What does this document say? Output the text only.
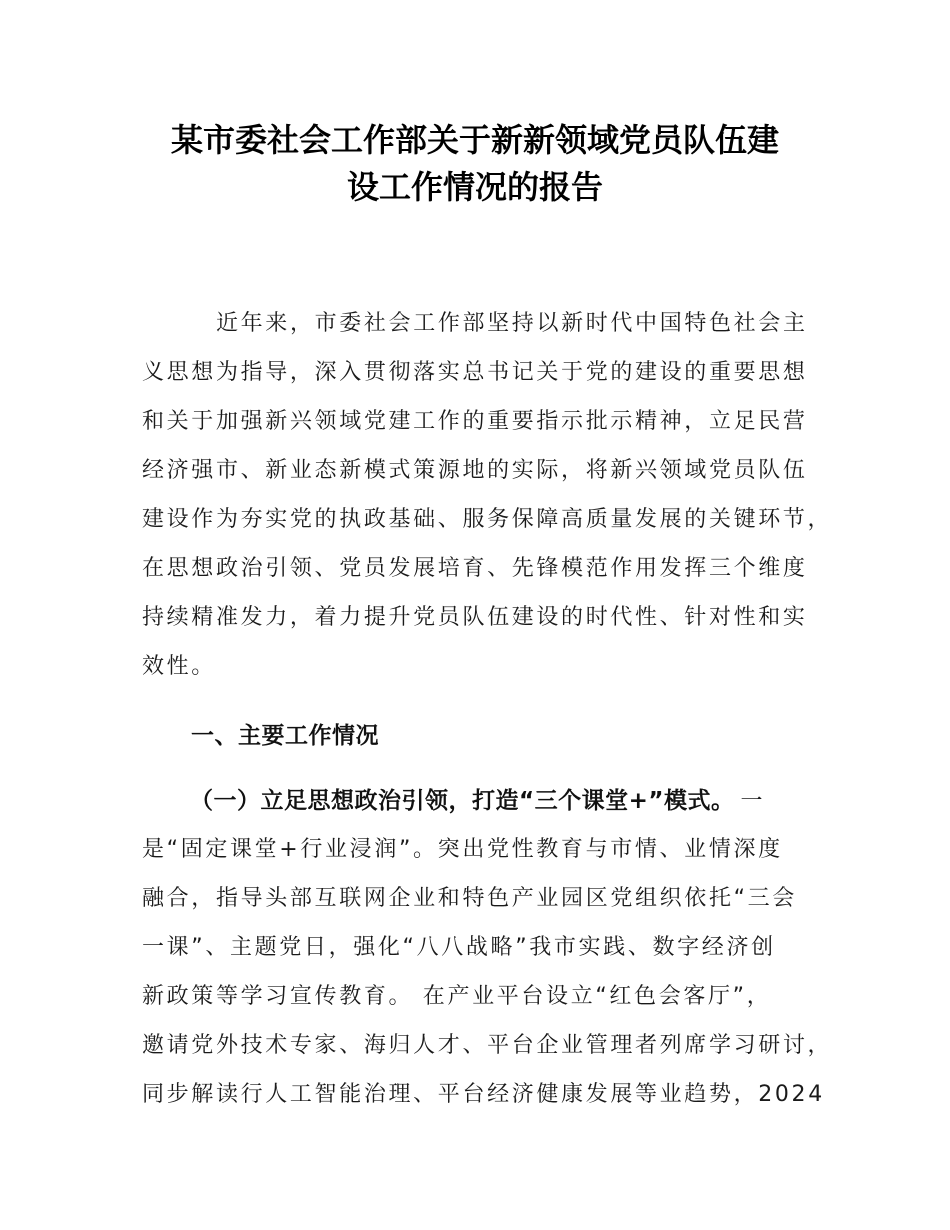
某市委社会工作部关于新新领域党员队伍建
设工作情况的报告
近年来，市委社会工作部坚持以新时代中国特色社会主
义思想为指导，深入贯彻落实总书记关于党的建设的重要思想
和关于加强新兴领域党建工作的重要指示批示精神，立足民营
经济强市、新业态新模式策源地的实际，将新兴领域党员队伍
建设作为夯实党的执政基础、服务保障高质量发展的关键环节，
在思想政治引领、党员发展培育、先锋模范作用发挥三个维度
持续精准发力，着力提升党员队伍建设的时代性、针对性和实
效性。
一、主要工作情况
（一）立足思想政治引领，打造“三个课堂+”模式。 一
是“固定课堂+行业浸润”。突出党性教育与市情、业情深度
融合，指导头部互联网企业和特色产业园区党组织依托“三会
一课”、主题党日，强化“八八战略”我市实践、数字经济创
新政策等学习宣传教育。 在产业平台设立“红色会客厅”，
邀请党外技术专家、海归人才、平台企业管理者列席学习研讨，
同步解读行人工智能治理、平台经济健康发展等业趋势，2024
